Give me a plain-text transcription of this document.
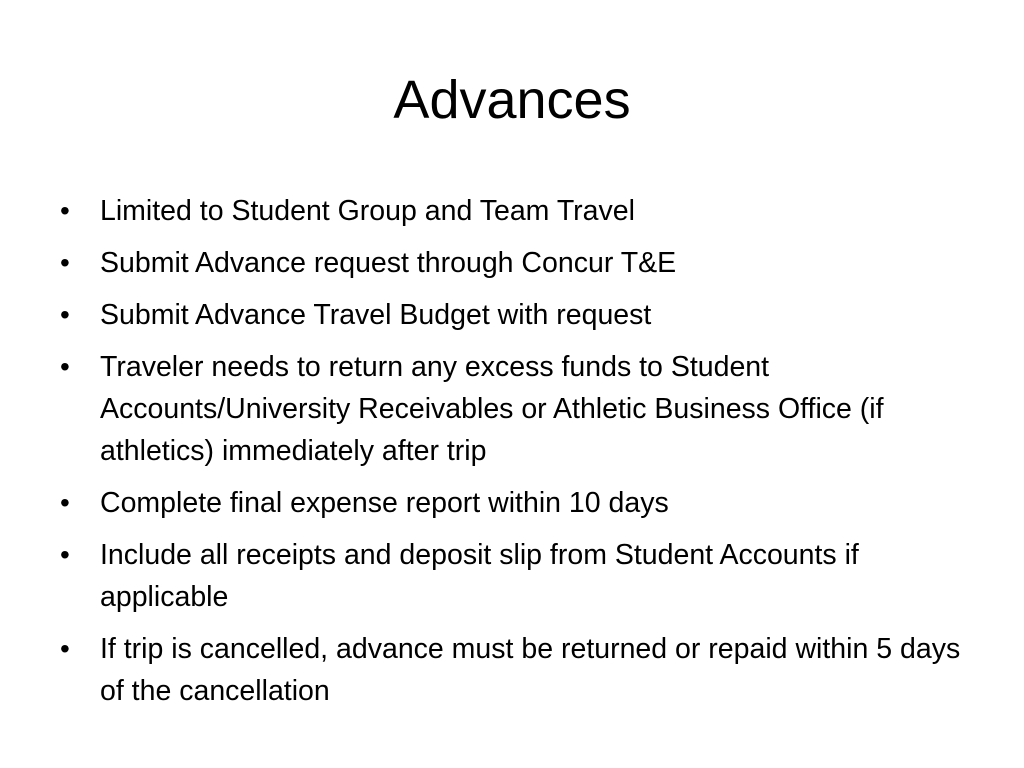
Advances
• Limited to Student Group and Team Travel
• Submit Advance request through Concur T&E
• Submit Advance Travel Budget with request
• Traveler needs to return any excess funds to Student Accounts/University Receivables or Athletic Business Office (if athletics) immediately after trip
• Complete final expense report within 10 days
• Include all receipts and deposit slip from Student Accounts if applicable
• If trip is cancelled, advance must be returned or repaid within 5 days of the cancellation
